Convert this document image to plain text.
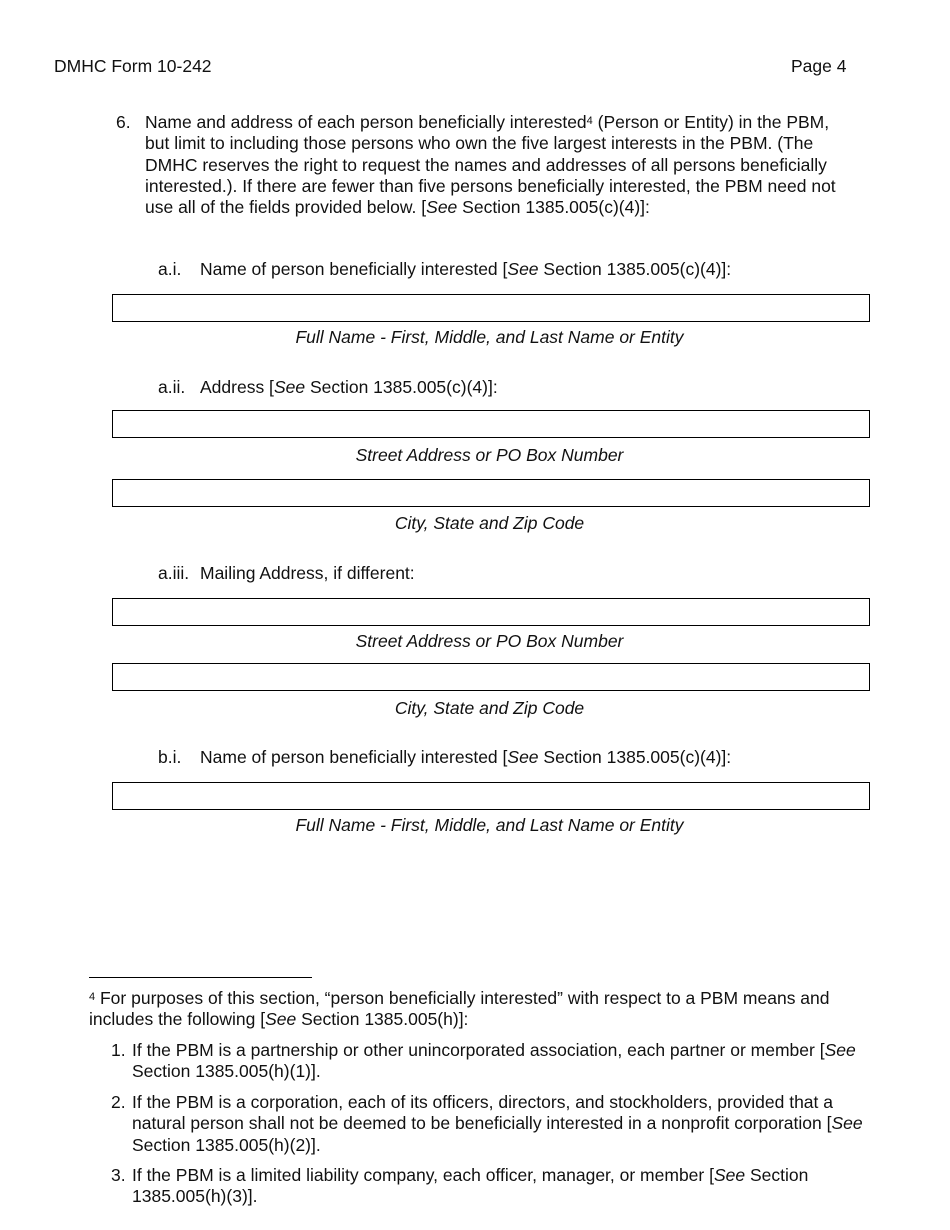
DMHC Form 10-242	Page 4
6. Name and address of each person beneficially interested$^4$ (Person or Entity) in the PBM, but limit to including those persons who own the five largest interests in the PBM. (The DMHC reserves the right to request the names and addresses of all persons beneficially interested.). If there are fewer than five persons beneficially interested, the PBM need not use all of the fields provided below. [See Section 1385.005(c)(4)]:
a.i. Name of person beneficially interested [See Section 1385.005(c)(4)]:
Full Name - First, Middle, and Last Name or Entity
a.ii. Address [See Section 1385.005(c)(4)]:
Street Address or PO Box Number
City, State and Zip Code
a.iii. Mailing Address, if different:
Street Address or PO Box Number
City, State and Zip Code
b.i. Name of person beneficially interested [See Section 1385.005(c)(4)]:
Full Name - First, Middle, and Last Name or Entity
$^4$ For purposes of this section, “person beneficially interested” with respect to a PBM means and includes the following [See Section 1385.005(h)]:
1. If the PBM is a partnership or other unincorporated association, each partner or member [See Section 1385.005(h)(1)].
2. If the PBM is a corporation, each of its officers, directors, and stockholders, provided that a natural person shall not be deemed to be beneficially interested in a nonprofit corporation [See Section 1385.005(h)(2)].
3. If the PBM is a limited liability company, each officer, manager, or member [See Section 1385.005(h)(3)].
